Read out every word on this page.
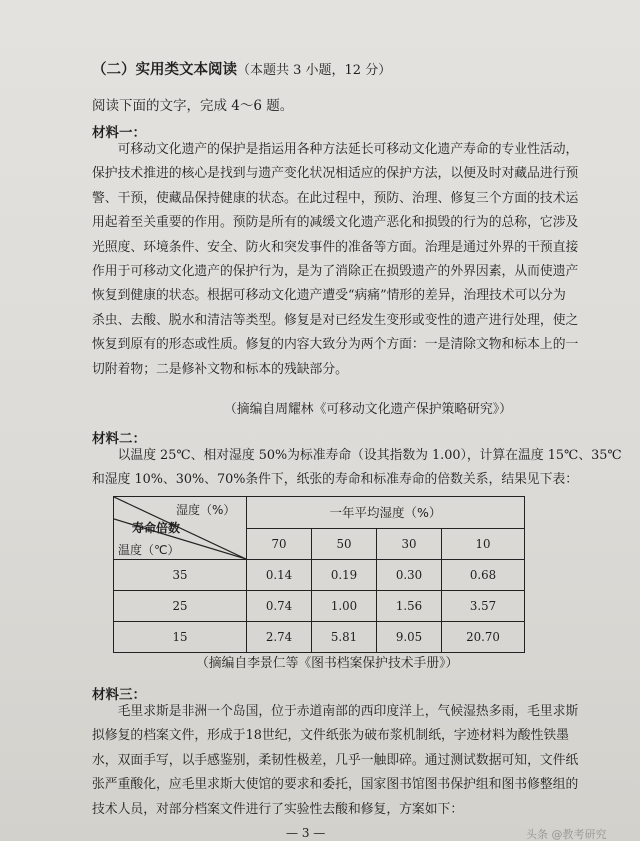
（二）实用类文本阅读（本题共 3 小题，12 分）
阅读下面的文字，完成 4～6 题。
材料一：

可移动文化遗产的保护是指运用各种方法延长可移动文化遗产寿命的专业性活动，

保护技术推进的核心是找到与遗产变化状况相适应的保护方法，以便及时对藏品进行预

警、干预，使藏品保持健康的状态。在此过程中，预防、治理、修复三个方面的技术运

用起着至关重要的作用。预防是所有的减缓文化遗产恶化和损毁的行为的总称，它涉及

光照度、环境条件、安全、防火和突发事件的准备等方面。治理是通过外界的干预直接

作用于可移动文化遗产的保护行为，是为了消除正在损毁遗产的外界因素，从而使遗产

恢复到健康的状态。根据可移动文化遗产遭受“病痛”情形的差异，治理技术可以分为

杀虫、去酸、脱水和清洁等类型。修复是对已经发生变形或变性的遗产进行处理，使之

恢复到原有的形态或性质。修复的内容大致分为两个方面：一是清除文物和标本上的一

切附着物；二是修补文物和标本的残缺部分。

（摘编自周耀林《可移动文化遗产保护策略研究》）
材料二：

以温度 25℃、相对湿度 50%为标准寿命（设其指数为 1.00），计算在温度 15℃、35℃

和湿度 10%、30%、70%条件下，纸张的寿命和标准寿命的倍数关系，结果见下表：

湿度（%）
寿命倍数
温度（℃）	一年平均湿度（%）			
	70	50	30	10
35	0.14	0.19	0.30	0.68
25	0.74	1.00	1.56	3.57
15	2.74	5.81	9.05	20.70
（摘编自李景仁等《图书档案保护技术手册》）
材料三：

毛里求斯是非洲一个岛国，位于赤道南部的西印度洋上，气候湿热多雨，毛里求斯

拟修复的档案文件，形成于18世纪，文件纸张为破布浆机制纸，字迹材料为酸性铁墨

水，双面手写，以手感鉴别，柔韧性极差，几乎一触即碎。通过测试数据可知，文件纸

张严重酸化，应毛里求斯大使馆的要求和委托，国家图书馆图书保护组和图书修整组的

技术人员，对部分档案文件进行了实验性去酸和修复，方案如下：

— 3 —	头条 @教考研究
